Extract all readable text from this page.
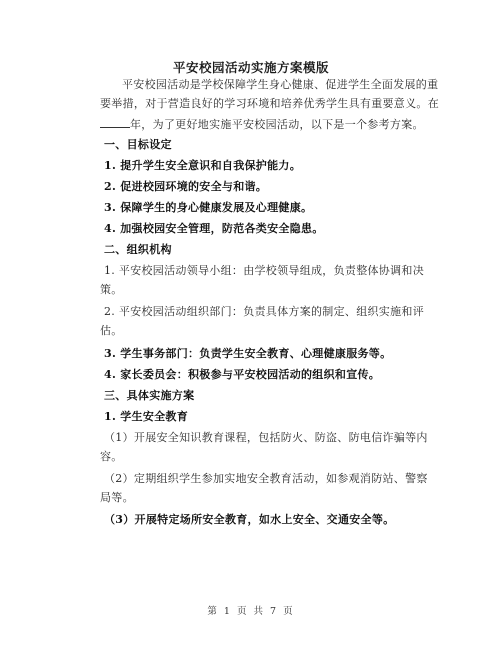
平安校园活动实施方案模版
平安校园活动是学校保障学生身心健康、促进学生全面发展的重
要举措，对于营造良好的学习环境和培养优秀学生具有重要意义。在
年，为了更好地实施平安校园活动，以下是一个参考方案。
一、目标设定
1. 提升学生安全意识和自我保护能力。
2. 促进校园环境的安全与和谐。
3. 保障学生的身心健康发展及心理健康。
4. 加强校园安全管理，防范各类安全隐患。
二、组织机构
1. 平安校园活动领导小组：由学校领导组成，负责整体协调和决
策。
2. 平安校园活动组织部门：负责具体方案的制定、组织实施和评
估。
3. 学生事务部门：负责学生安全教育、心理健康服务等。
4. 家长委员会：积极参与平安校园活动的组织和宣传。
三、具体实施方案
1. 学生安全教育
（1）开展安全知识教育课程，包括防火、防盗、防电信诈骗等内
容。
（2）定期组织学生参加实地安全教育活动，如参观消防站、警察
局等。
（3）开展特定场所安全教育，如水上安全、交通安全等。
第 1 页 共 7 页
